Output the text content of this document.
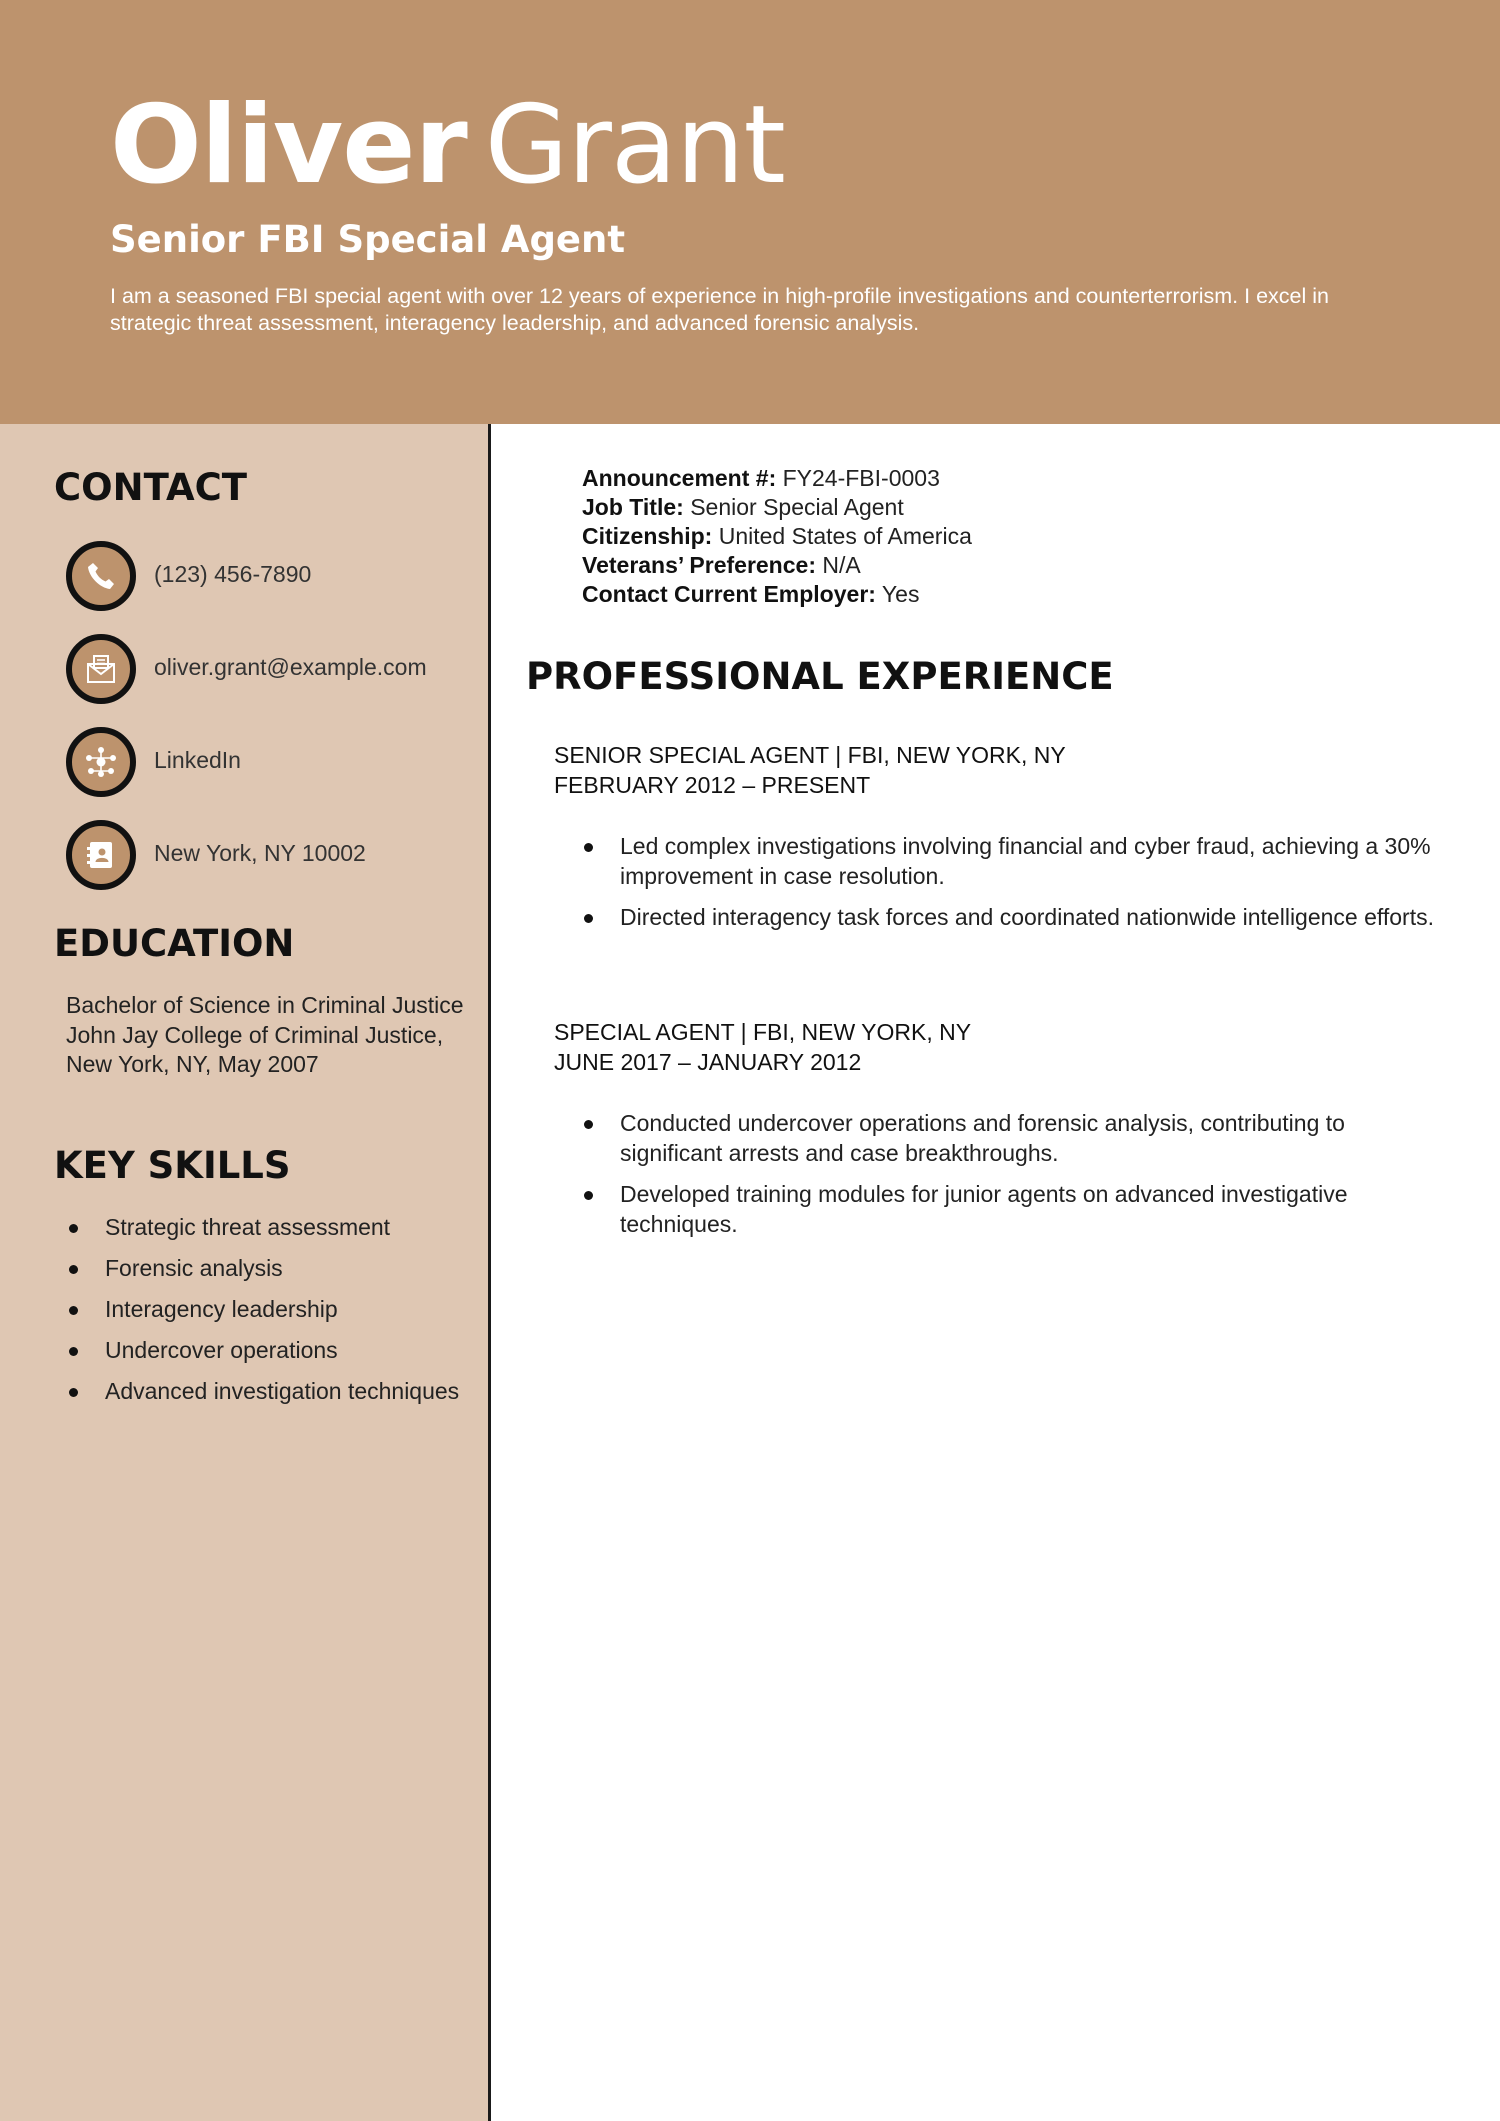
Oliver Grant
Senior FBI Special Agent
I am a seasoned FBI special agent with over 12 years of experience in high-profile investigations and counterterrorism. I excel in strategic threat assessment, interagency leadership, and advanced forensic analysis.
CONTACT
(123) 456-7890
oliver.grant@example.com
LinkedIn
New York, NY 10002
EDUCATION
Bachelor of Science in Criminal Justice
John Jay College of Criminal Justice, New York, NY, May 2007
KEY SKILLS
Strategic threat assessment
Forensic analysis
Interagency leadership
Undercover operations
Advanced investigation techniques
Announcement #: FY24-FBI-0003
Job Title: Senior Special Agent
Citizenship: United States of America
Veterans’ Preference: N/A
Contact Current Employer: Yes
PROFESSIONAL EXPERIENCE
SENIOR SPECIAL AGENT | FBI, NEW YORK, NY
FEBRUARY 2012 – PRESENT
Led complex investigations involving financial and cyber fraud, achieving a 30% improvement in case resolution.
Directed interagency task forces and coordinated nationwide intelligence efforts.
SPECIAL AGENT | FBI, NEW YORK, NY
JUNE 2017 – JANUARY 2012
Conducted undercover operations and forensic analysis, contributing to significant arrests and case breakthroughs.
Developed training modules for junior agents on advanced investigative techniques.
